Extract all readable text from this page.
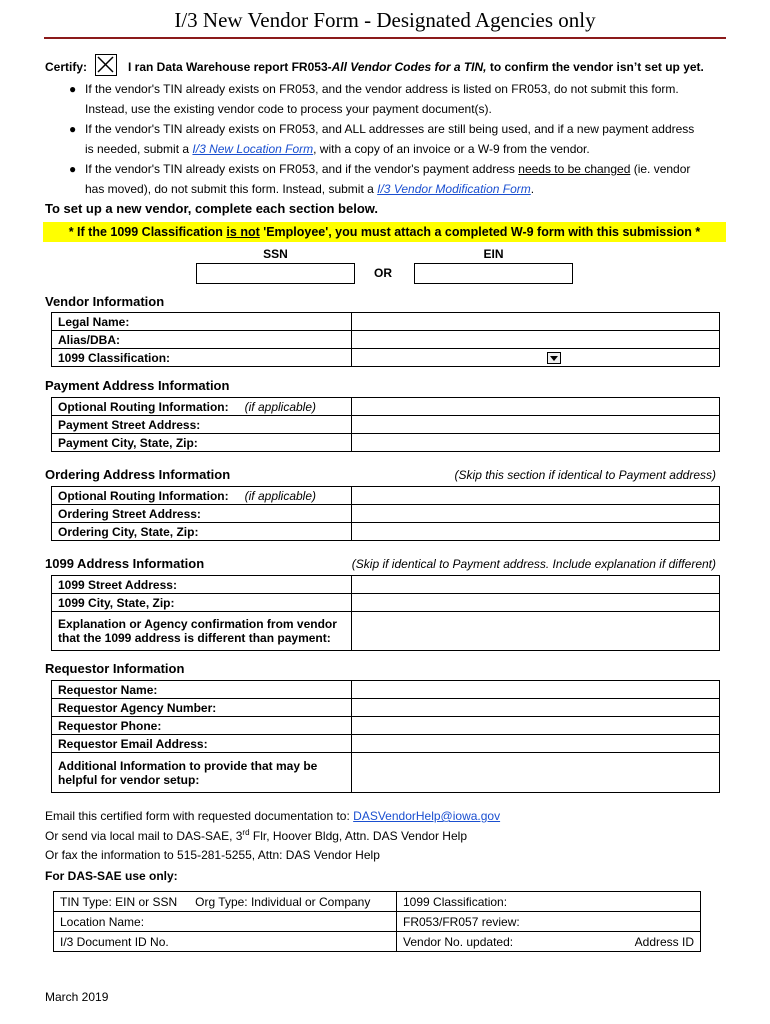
I/3 New Vendor Form - Designated Agencies only
Certify:	I ran Data Warehouse report FR053-All Vendor Codes for a TIN, to confirm the vendor isn’t set up yet.
● If the vendor's TIN already exists on FR053, and the vendor address is listed on FR053, do not submit this form.
Instead, use the existing vendor code to process your payment document(s).
● If the vendor's TIN already exists on FR053, and ALL addresses are still being used, and if a new payment address
is needed, submit a I/3 New Location Form, with a copy of an invoice or a W-9 from the vendor.
● If the vendor's TIN already exists on FR053, and if the vendor's payment address needs to be changed (ie. vendor
has moved), do not submit this form. Instead, submit a I/3 Vendor Modification Form.
To set up a new vendor, complete each section below.
* If the 1099 Classification is not 'Employee', you must attach a completed W-9 form with this submission *
SSN
OR
EIN
Vendor Information
Legal Name:	
Alias/DBA:	
1099 Classification:	
Payment Address Information
Optional Routing Information: (if applicable)	
Payment Street Address:	
Payment City, State, Zip:	
Ordering Address Information	(Skip this section if identical to Payment address)
Optional Routing Information: (if applicable)	
Ordering Street Address:	
Ordering City, State, Zip:	
1099 Address Information	(Skip if identical to Payment address. Include explanation if different)
1099 Street Address:	
1099 City, State, Zip:	

Explanation or Agency confirmation from vendor
that the 1099 address is different than payment:	

Requestor Information
Requestor Name:	
Requestor Agency Number:	
Requestor Phone:	
Requestor Email Address:	

Additional Information to provide that may be
helpful for vendor setup:	

Email this certified form with requested documentation to: DASVendorHelp@iowa.gov
Or send via local mail to DAS-SAE, 3rd Flr, Hoover Bldg, Attn. DAS Vendor Help
Or fax the information to 515-281-5255, Attn: DAS Vendor Help
For DAS-SAE use only:
TIN Type: EIN or SSN Org Type: Individual or Company	1099 Classification:
Location Name:	FR053/FR057 review:
I/3 Document ID No.	Vendor No. updated: Address ID
March 2019
